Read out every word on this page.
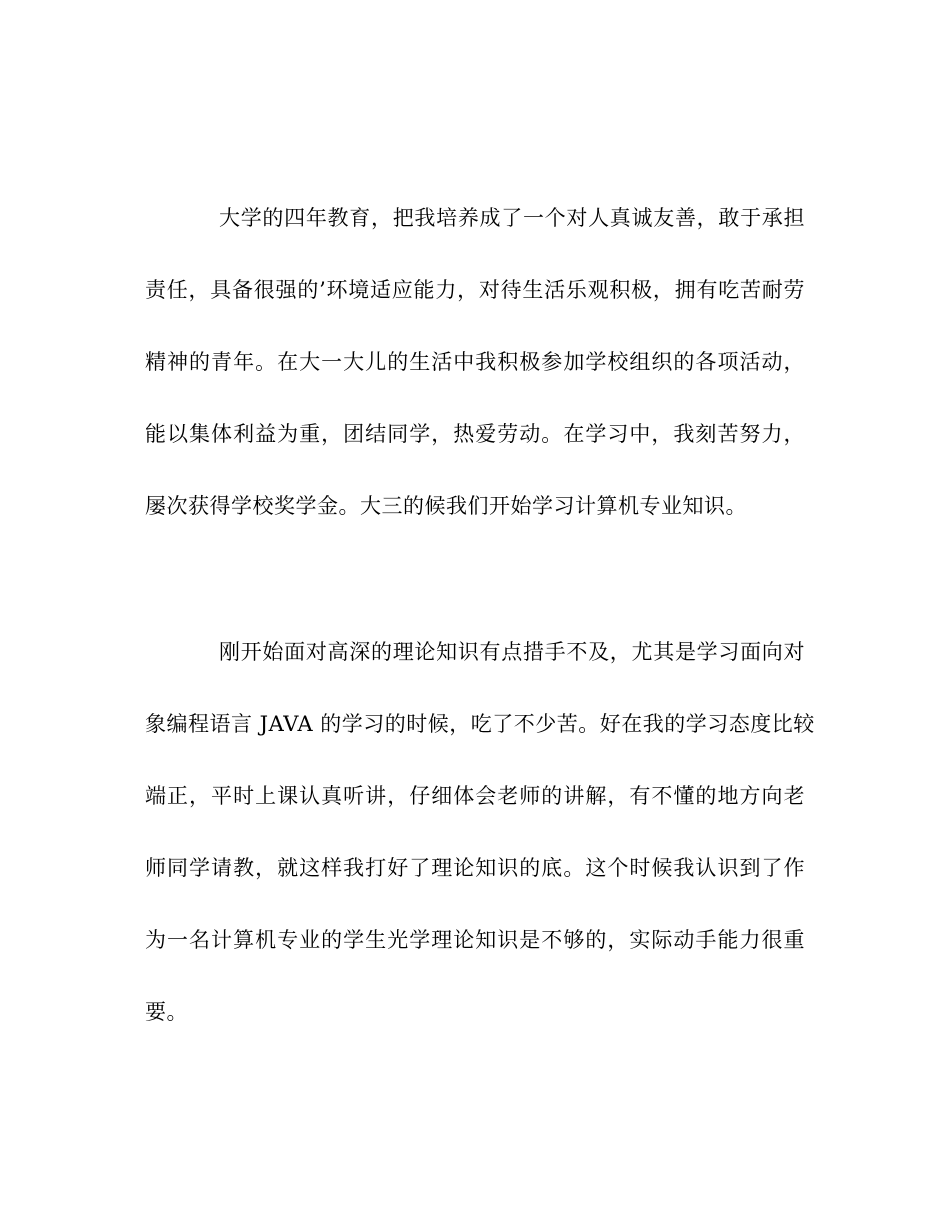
大学的四年教育，把我培养成了一个对人真诚友善，敢于承担
责任，具备很强的’环境适应能力，对待生活乐观积极，拥有吃苦耐劳
精神的青年。在大一大儿的生活中我积极参加学校组织的各项活动，
能以集体利益为重，团结同学，热爱劳动。在学习中，我刻苦努力，
屡次获得学校奖学金。大三的候我们开始学习计算机专业知识。
刚开始面对高深的理论知识有点措手不及，尤其是学习面向对
象编程语言 JAVA 的学习的时候，吃了不少苦。好在我的学习态度比较
端正，平时上课认真听讲，仔细体会老师的讲解，有不懂的地方向老
师同学请教，就这样我打好了理论知识的底。这个时候我认识到了作
为一名计算机专业的学生光学理论知识是不够的，实际动手能力很重
要。
